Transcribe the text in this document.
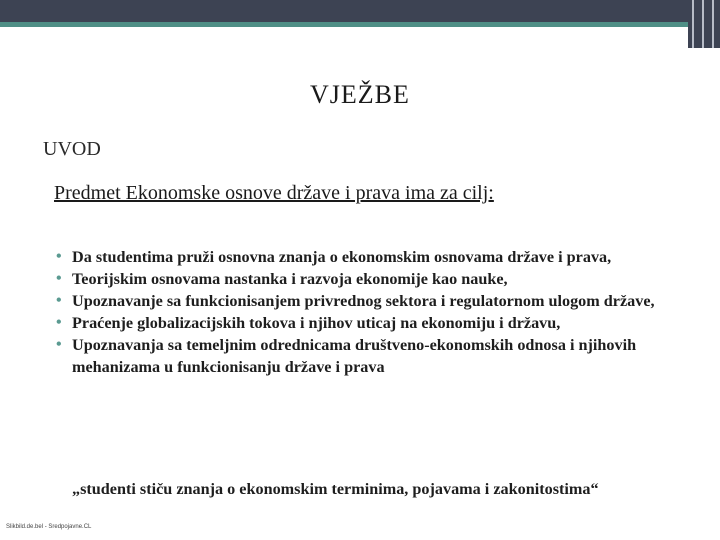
VJEŽBE
UVOD
Predmet Ekonomske osnove države i prava ima za cilj:
• Da studentima pruži osnovna znanja o ekonomskim osnovama države i prava,
• Teorijskim osnovama nastanka i razvoja ekonomije kao nauke,
• Upoznavanje sa funkcionisanjem privrednog sektora i regulatornom ulogom države,
• Praćenje globalizacijskih tokova i njihov uticaj na ekonomiju i državu,
• Upoznavanja sa temeljnim odrednicama društveno-ekonomskih odnosa i njihovih mehanizama u funkcionisanju države i prava
„studenti stiču znanja o ekonomskim terminima, pojavama i zakonitostima“
Slikbild.de.bel - Sredpojavne.CL
